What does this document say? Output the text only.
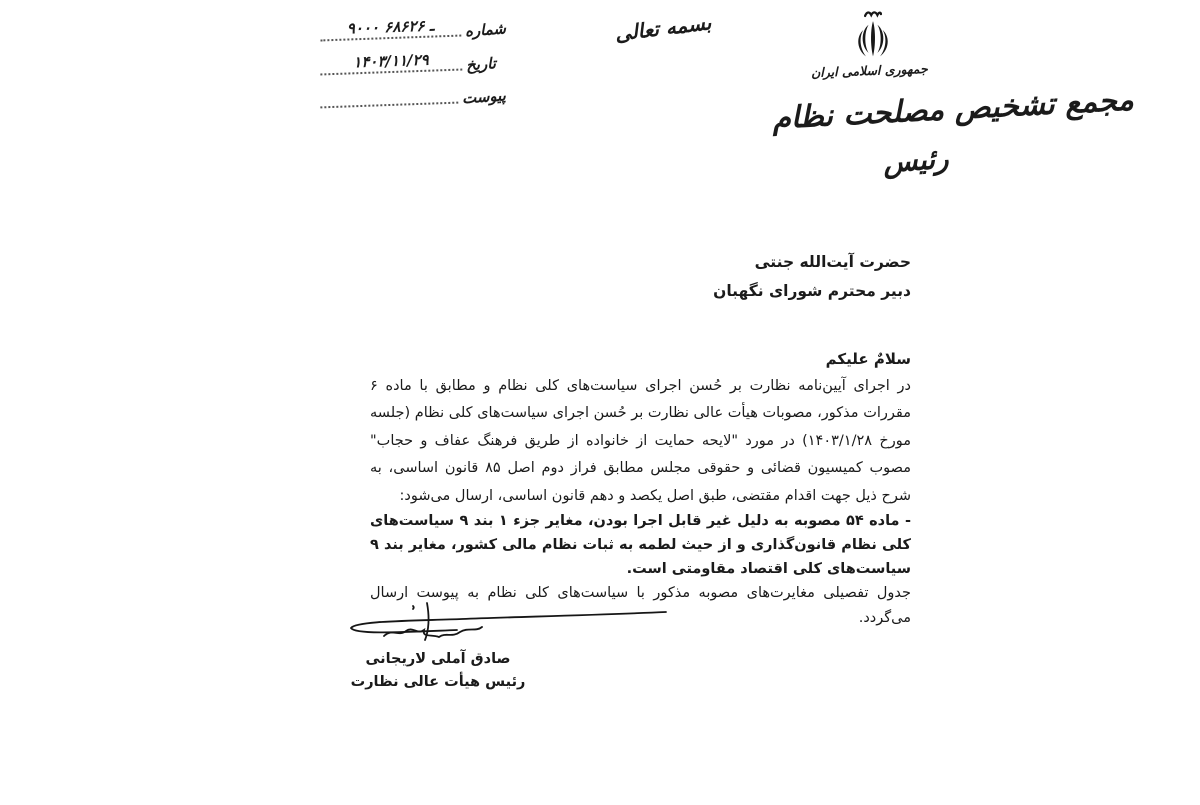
جمهوری اسلامی ایران
مجمع تشخیص مصلحت نظام
رئیس
بسمه تعالی
شماره
۹۰۰۰ ـ ۶۸۶۲۶
تاریخ
۱۴۰۳/۱۱/۲۹
پیوست
حضرت آیت‌الله جنتی
دبیر محترم شورای نگهبان
سلامٌ علیکم

در اجرای آیین‌نامه نظارت بر حُسن اجرای سیاست‌های کلی نظام و مطابق با ماده ۶ مقررات مذکور، مصوبات هیأت عالی نظارت بر حُسن اجرای سیاست‌های کلی نظام (جلسه مورخ ۱۴۰۳/۱/۲۸) در مورد "لایحه حمایت از خانواده از طریق فرهنگ عفاف و حجاب" مصوب کمیسیون قضائی و حقوقی مجلس مطابق فراز دوم اصل ۸۵ قانون اساسی، به شرح ذیل جهت اقدام مقتضی، طبق اصل یکصد و دهم قانون اساسی، ارسال می‌شود:

- ماده ۵۴ مصوبه به دلیل غیر قابل اجرا بودن، مغایر جزء ۱ بند ۹ سیاست‌های کلی نظام قانون‌گذاری و از حیث لطمه به ثبات نظام مالی کشور، مغایر بند ۹ سیاست‌های کلی اقتصاد مقاومتی است.

جدول تفصیلی مغایرت‌های مصوبه مذکور با سیاست‌های کلی نظام به پیوست ارسال می‌گردد.

صادق آملی لاریجانی
رئیس هیأت عالی نظارت
